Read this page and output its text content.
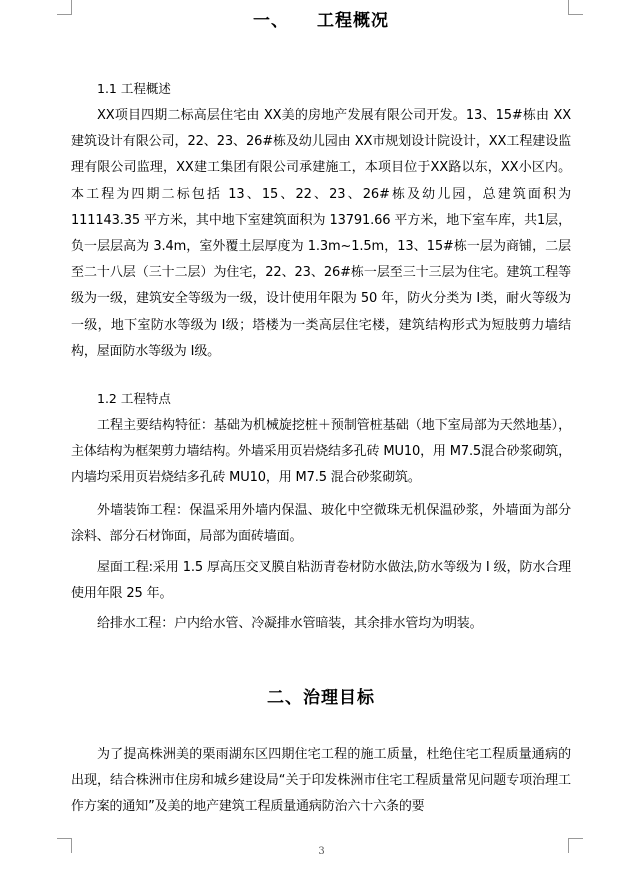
一、 工程概况
1.1 工程概述
XX项目四期二标高层住宅由 XX美的房地产发展有限公司开发。13、15#栋由 XX建筑设计有限公司，22、23、26#栋及幼儿园由 XX市规划设计院设计，XX工程建设监理有限公司监理，XX建工集团有限公司承建施工，本项目位于XX路以东，XX小区内。本工程为四期二标包括 13、15、22、23、26#栋及幼儿园，总建筑面积为 111143.35 平方米，其中地下室建筑面积为 13791.66 平方米，地下室车库，共1层，负一层层高为 3.4m，室外覆土层厚度为 1.3m~1.5m，13、15#栋一层为商铺，二层至二十八层（三十二层）为住宅，22、23、26#栋一层至三十三层为住宅。建筑工程等级为一级，建筑安全等级为一级，设计使用年限为 50 年，防火分类为 I类，耐火等级为一级，地下室防水等级为 I级；塔楼为一类高层住宅楼，建筑结构形式为短肢剪力墙结构，屋面防水等级为 I级。
1.2 工程特点
工程主要结构特征：基础为机械旋挖桩＋预制管桩基础（地下室局部为天然地基），主体结构为框架剪力墙结构。外墙采用页岩烧结多孔砖 MU10，用 M7.5混合砂浆砌筑，内墙均采用页岩烧结多孔砖 MU10，用 M7.5 混合砂浆砌筑。
外墙装饰工程：保温采用外墙内保温、玻化中空微珠无机保温砂浆，外墙面为部分涂料、部分石材饰面，局部为面砖墙面。
屋面工程:采用 1.5 厚高压交叉膜自粘沥青卷材防水做法,防水等级为 I 级，防水合理使用年限 25 年。
给排水工程：户内给水管、冷凝排水管暗装，其余排水管均为明装。
二、治理目标
为了提高株洲美的栗雨湖东区四期住宅工程的施工质量，杜绝住宅工程质量通病的出现，结合株洲市住房和城乡建设局“关于印发株洲市住宅工程质量常见问题专项治理工作方案的通知”及美的地产建筑工程质量通病防治六十六条的要
3
